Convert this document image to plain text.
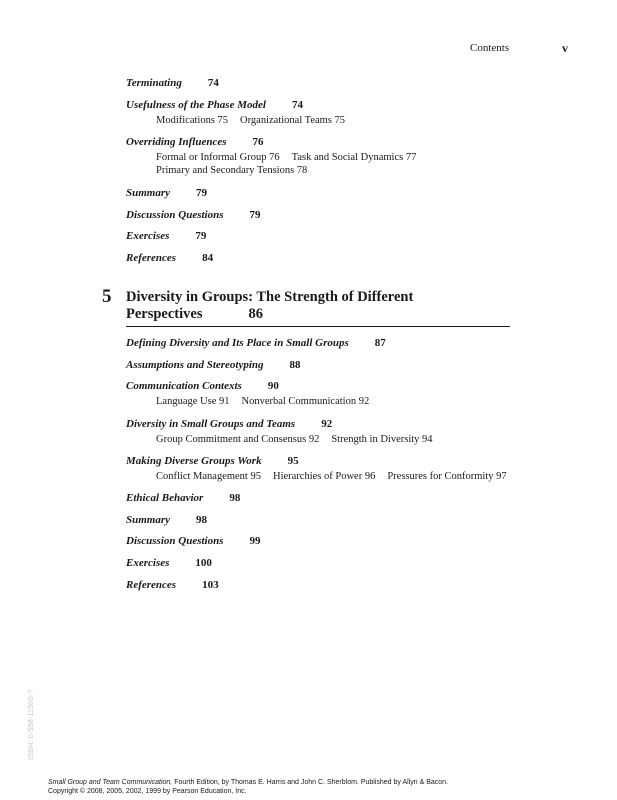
Contents	v
Terminating 74
Usefulness of the Phase Model 74
Modifications 75 Organizational Teams 75
Overriding Influences 76
Formal or Informal Group 76 Task and Social Dynamics 77
Primary and Secondary Tensions 78
Summary 79
Discussion Questions 79
Exercises 79
References 84
5 Diversity in Groups: The Strength of Different
Perspectives	86
Defining Diversity and Its Place in Small Groups 87
Assumptions and Stereotyping 88
Communication Contexts 90
Language Use 91 Nonverbal Communication 92
Diversity in Small Groups and Teams 92
Group Commitment and Consensus 92 Strength in Diversity 94
Making Diverse Groups Work 95
Conflict Management 95 Hierarchies of Power 96 Pressures for Conformity 97
Ethical Behavior 98
Summary 98
Discussion Questions 99
Exercises 100
References 103
ISBN: 0-558-11500-7
Small Group and Team Communication, Fourth Edition, by Thomas E. Harris and John C. Sherblom. Published by Allyn & Bacon.
Copyright © 2008, 2005, 2002, 1999 by Pearson Education, Inc.
